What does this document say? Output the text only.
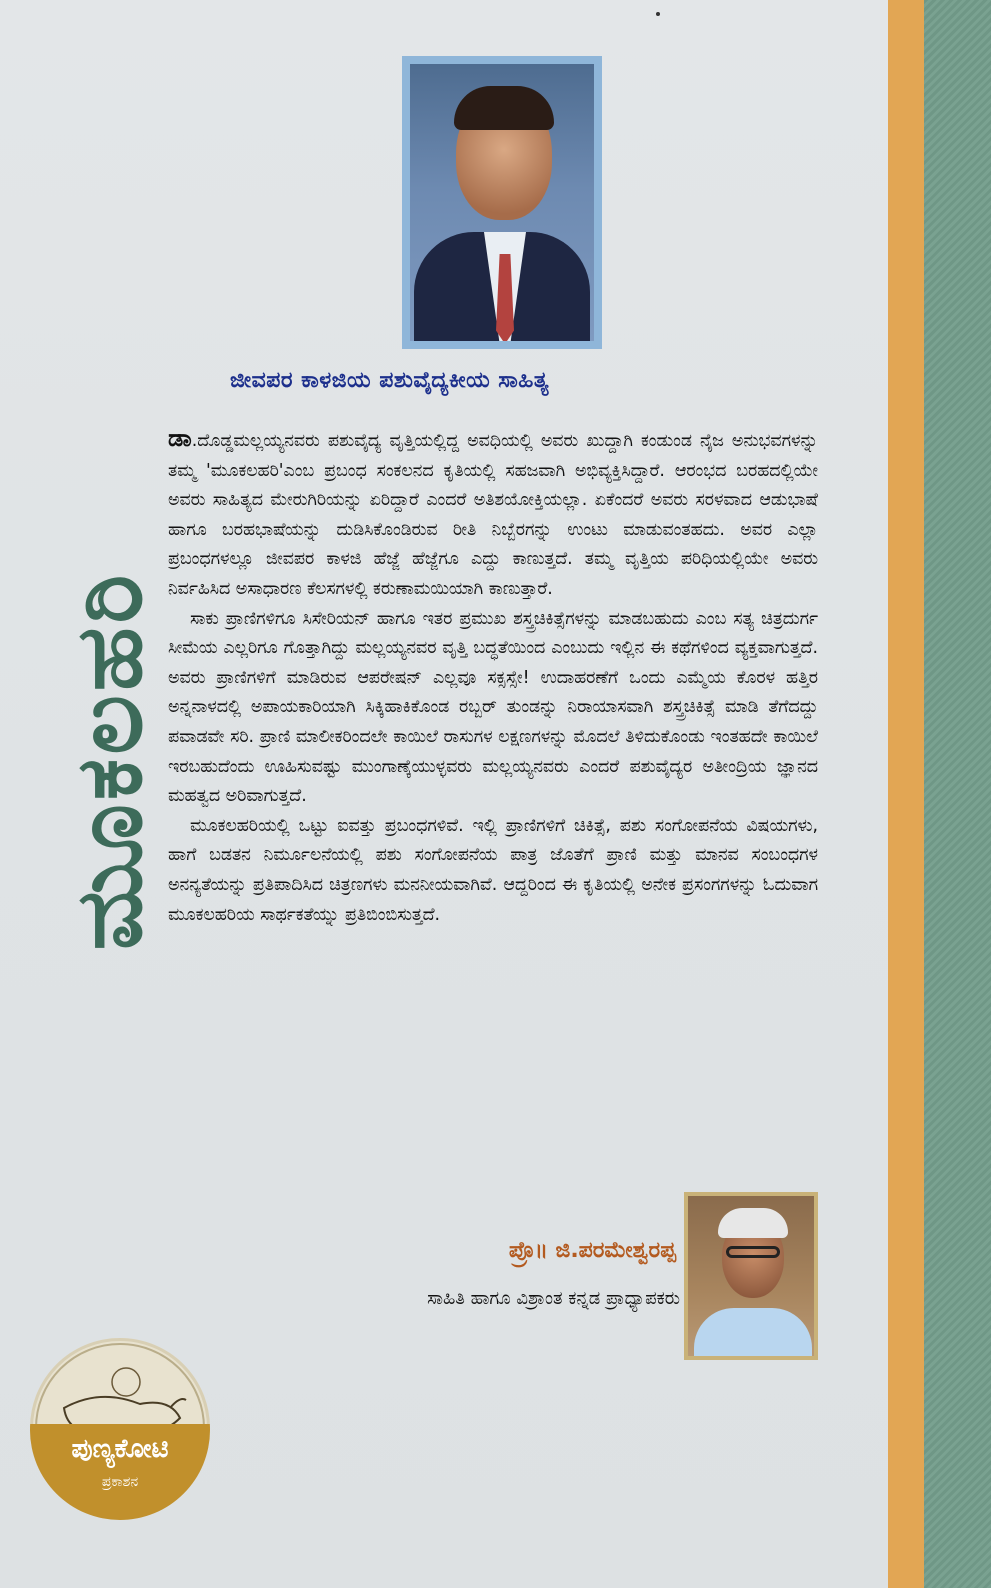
ಜೀವಪರ ಕಾಳಜಿಯ ಪಶುವೈದ್ಯಕೀಯ ಸಾಹಿತ್ಯ
ಮೂಕಲಹರಿ

ಡಾ.ದೊಡ್ಡಮಲ್ಲಯ್ಯನವರು ಪಶುವೈದ್ಯ ವೃತ್ತಿಯಲ್ಲಿದ್ದ ಅವಧಿಯಲ್ಲಿ ಅವರು ಖುದ್ದಾಗಿ ಕಂಡುಂಡ ನೈಜ ಅನುಭವಗಳನ್ನು ತಮ್ಮ 'ಮೂಕಲಹರಿ'ಎಂಬ ಪ್ರಬಂಧ ಸಂಕಲನದ ಕೃತಿಯಲ್ಲಿ ಸಹಜವಾಗಿ ಅಭಿವ್ಯಕ್ತಿಸಿದ್ದಾರೆ. ಆರಂಭದ ಬರಹದಲ್ಲಿಯೇ ಅವರು ಸಾಹಿತ್ಯದ ಮೇರುಗಿರಿಯನ್ನು ಏರಿದ್ದಾರೆ ಎಂದರೆ ಅತಿಶಯೋಕ್ತಿಯಲ್ಲಾ. ಏಕೆಂದರೆ ಅವರು ಸರಳವಾದ ಆಡುಭಾಷೆ ಹಾಗೂ ಬರಹಭಾಷೆಯನ್ನು ದುಡಿಸಿಕೊಂಡಿರುವ ರೀತಿ ನಿಬ್ಬೆರಗನ್ನು ಉಂಟು ಮಾಡುವಂತಹದು. ಅವರ ಎಲ್ಲಾ ಪ್ರಬಂಧಗಳಲ್ಲೂ ಜೀವಪರ ಕಾಳಜಿ ಹೆಜ್ಜೆ ಹೆಜ್ಜೆಗೂ ಎದ್ದು ಕಾಣುತ್ತದೆ. ತಮ್ಮ ವೃತ್ತಿಯ ಪರಿಧಿಯಲ್ಲಿಯೇ ಅವರು ನಿರ್ವಹಿಸಿದ ಅಸಾಧಾರಣ ಕೆಲಸಗಳಲ್ಲಿ ಕರುಣಾಮಯಿಯಾಗಿ ಕಾಣುತ್ತಾರೆ.

ಸಾಕು ಪ್ರಾಣಿಗಳಿಗೂ ಸಿಸೇರಿಯನ್ ಹಾಗೂ ಇತರ ಪ್ರಮುಖ ಶಸ್ತ್ರಚಿಕಿತ್ಸೆಗಳನ್ನು ಮಾಡಬಹುದು ಎಂಬ ಸತ್ಯ ಚಿತ್ರದುರ್ಗ ಸೀಮೆಯ ಎಲ್ಲರಿಗೂ ಗೊತ್ತಾಗಿದ್ದು ಮಲ್ಲಯ್ಯನವರ ವೃತ್ತಿ ಬದ್ಧತೆಯಿಂದ ಎಂಬುದು ಇಲ್ಲಿನ ಈ ಕಥೆಗಳಿಂದ ವ್ಯಕ್ತವಾಗುತ್ತದೆ. ಅವರು ಪ್ರಾಣಿಗಳಿಗೆ ಮಾಡಿರುವ ಆಪರೇಷನ್ ಎಲ್ಲವೂ ಸಕ್ಸಸ್ಸೇ! ಉದಾಹರಣೆಗೆ ಒಂದು ಎಮ್ಮೆಯ ಕೊರಳ ಹತ್ತಿರ ಅನ್ನನಾಳದಲ್ಲಿ ಅಪಾಯಕಾರಿಯಾಗಿ ಸಿಕ್ಕಿಹಾಕಿಕೊಂಡ ರಬ್ಬರ್ ತುಂಡನ್ನು ನಿರಾಯಾಸವಾಗಿ ಶಸ್ತ್ರಚಿಕಿತ್ಸೆ ಮಾಡಿ ತೆಗೆದದ್ದು ಪವಾಡವೇ ಸರಿ. ಪ್ರಾಣಿ ಮಾಲೀಕರಿಂದಲೇ ಕಾಯಿಲೆ ರಾಸುಗಳ ಲಕ್ಷಣಗಳನ್ನು ಮೊದಲೆ ತಿಳಿದುಕೊಂಡು ಇಂತಹದೇ ಕಾಯಿಲೆ ಇರಬಹುದೆಂದು ಊಹಿಸುವಷ್ಟು ಮುಂಗಾಣ್ಕೆಯುಳ್ಳವರು ಮಲ್ಲಯ್ಯನವರು ಎಂದರೆ ಪಶುವೈದ್ಯರ ಅತೀಂದ್ರಿಯ ಜ್ಞಾನದ ಮಹತ್ವದ ಅರಿವಾಗುತ್ತದೆ.

ಮೂಕಲಹರಿಯಲ್ಲಿ ಒಟ್ಟು ಐವತ್ತು ಪ್ರಬಂಧಗಳಿವೆ. ಇಲ್ಲಿ ಪ್ರಾಣಿಗಳಿಗೆ ಚಿಕಿತ್ಸೆ, ಪಶು ಸಂಗೋಪನೆಯ ವಿಷಯಗಳು, ಹಾಗೆ ಬಡತನ ನಿರ್ಮೂಲನೆಯಲ್ಲಿ ಪಶು ಸಂಗೋಪನೆಯ ಪಾತ್ರ ಜೊತೆಗೆ ಪ್ರಾಣಿ ಮತ್ತು ಮಾನವ ಸಂಬಂಧಗಳ ಅನನ್ಯತೆಯನ್ನು ಪ್ರತಿಪಾದಿಸಿದ ಚಿತ್ರಣಗಳು ಮನನೀಯವಾಗಿವೆ. ಆದ್ದರಿಂದ ಈ ಕೃತಿಯಲ್ಲಿ ಅನೇಕ ಪ್ರಸಂಗಗಳನ್ನು ಓದುವಾಗ ಮೂಕಲಹರಿಯ ಸಾರ್ಥಕತೆಯ್ನು ಪ್ರತಿಬಿಂಬಿಸುತ್ತದೆ.

ಪ್ರೊ॥ ಜಿ.ಪರಮೇಶ್ವರಪ್ಪ
ಸಾಹಿತಿ ಹಾಗೂ ವಿಶ್ರಾಂತ ಕನ್ನಡ ಪ್ರಾಧ್ಯಾಪಕರು
ಪುಣ್ಯಕೋಟಿ
ಪ್ರಕಾಶನ
